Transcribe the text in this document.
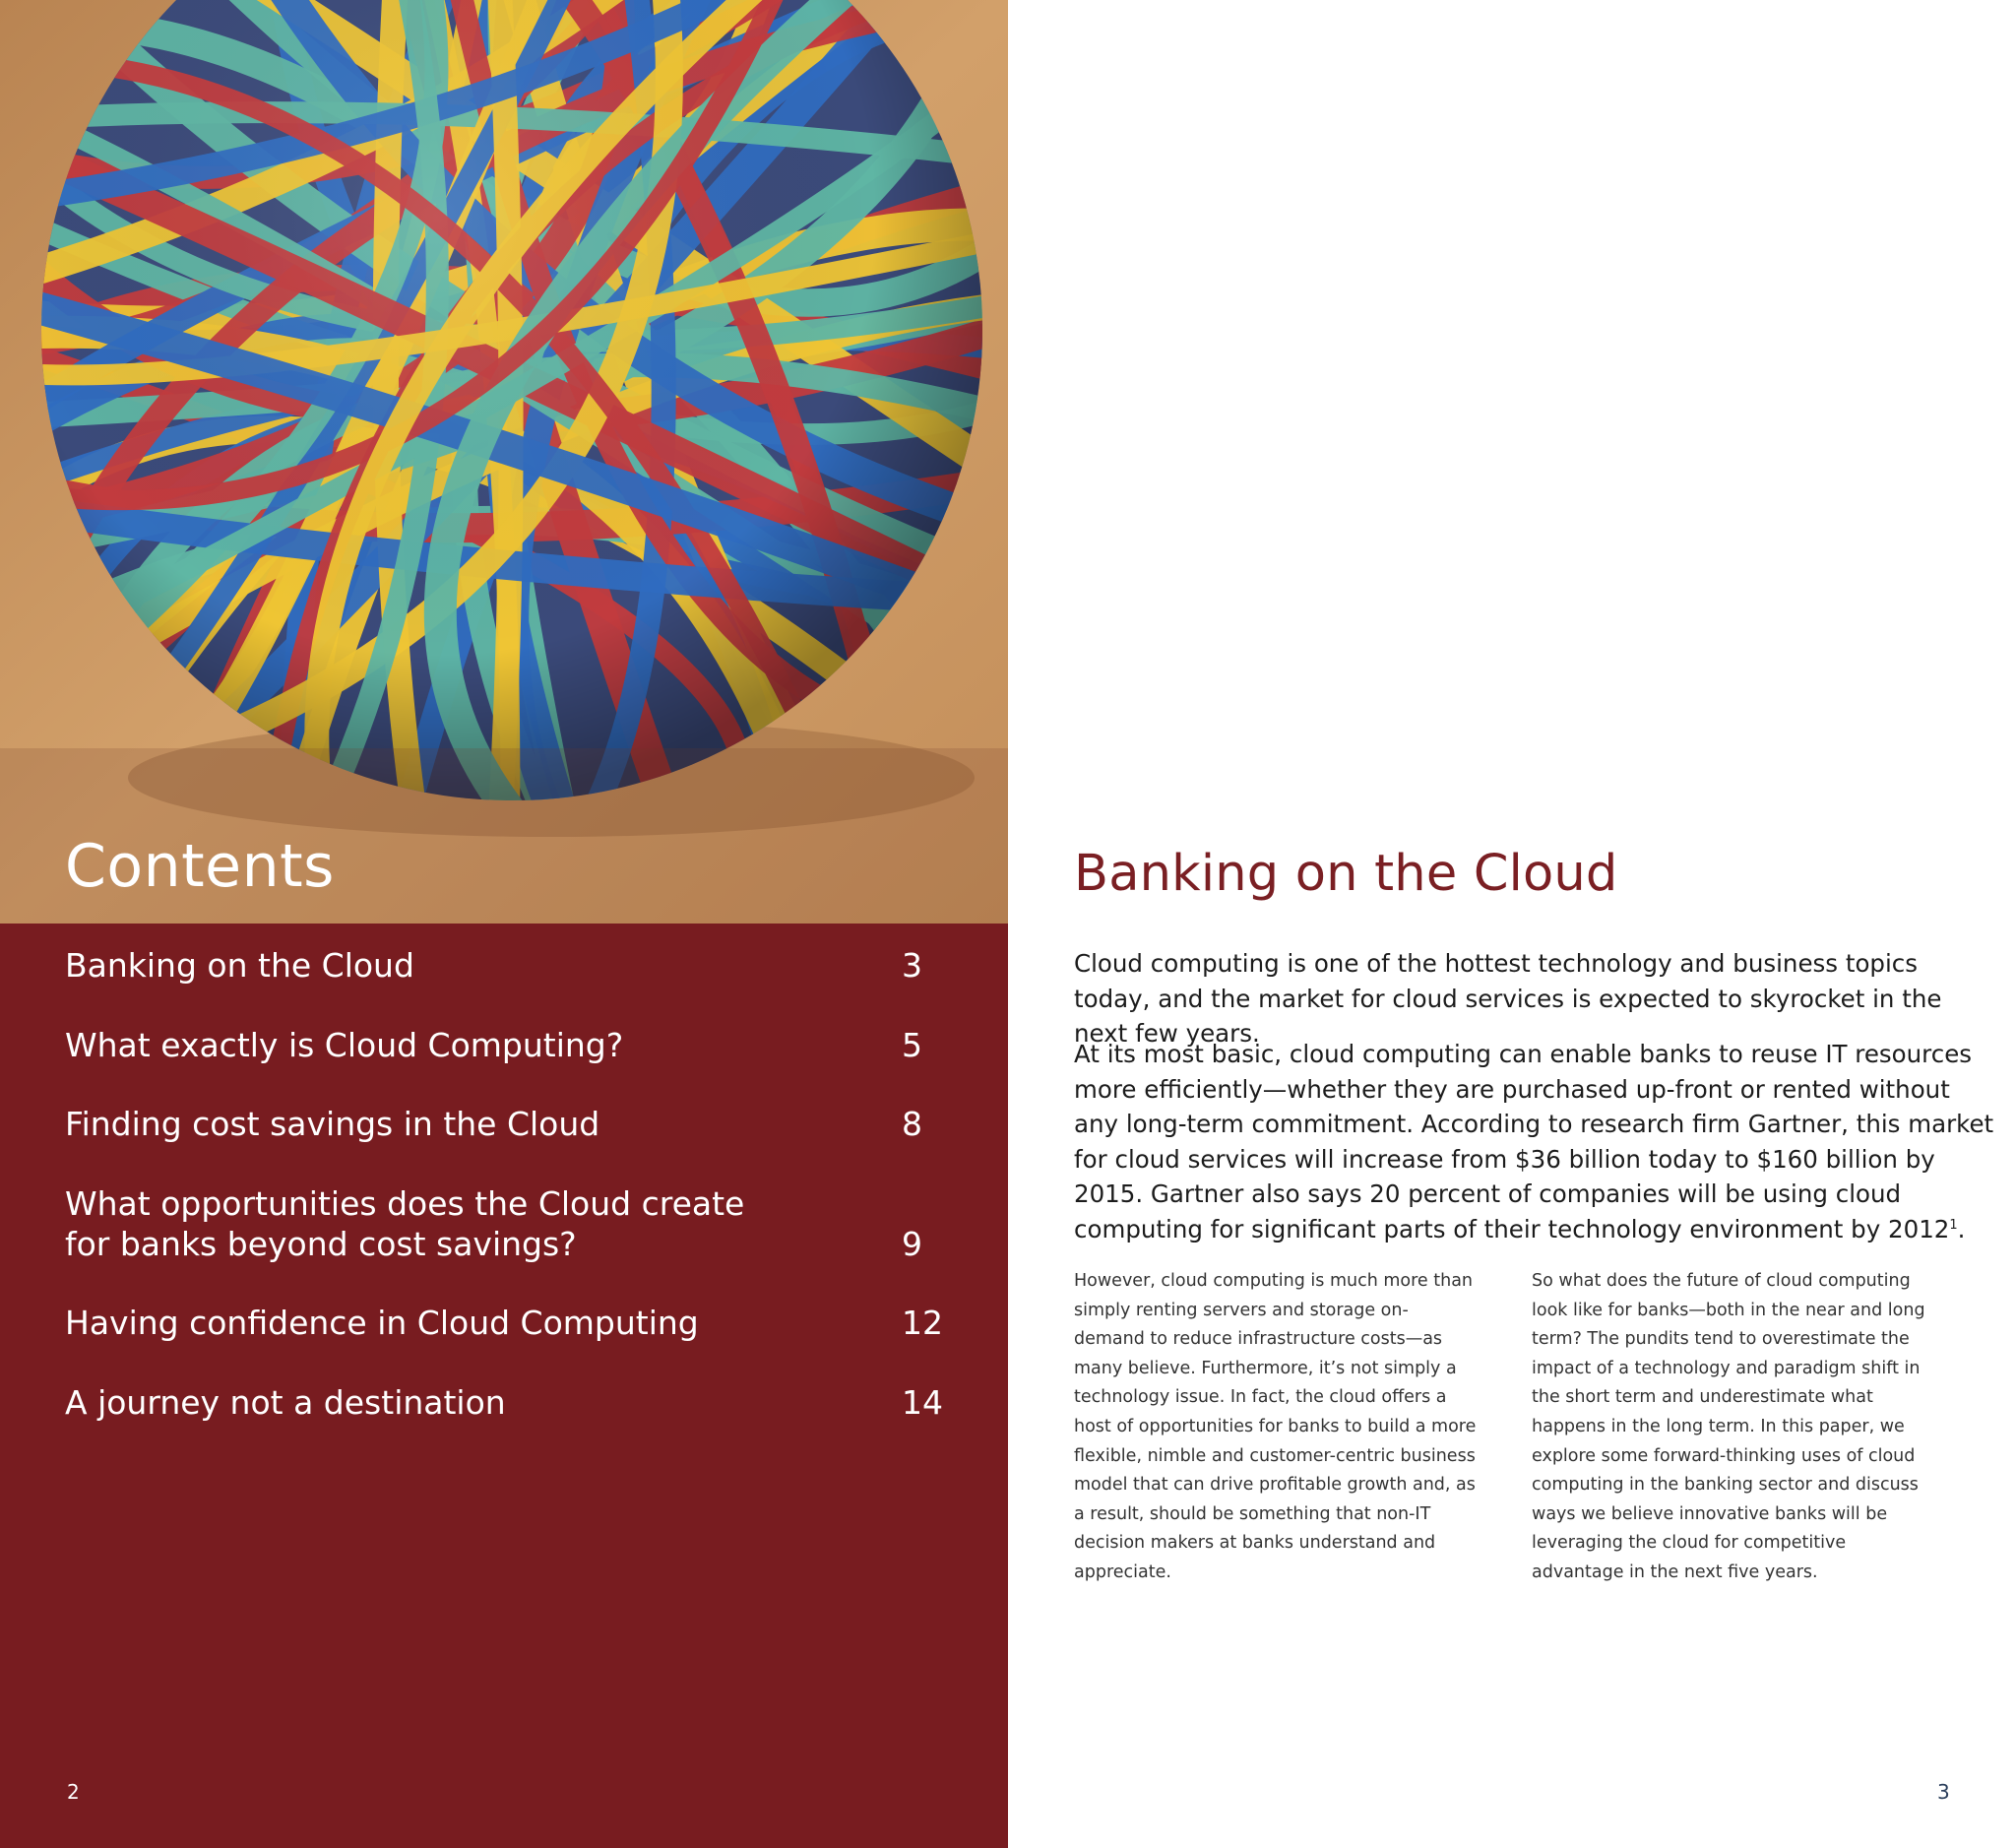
Contents
Banking on the Cloud	3
What exactly is Cloud Computing?	5
Finding cost savings in the Cloud	8
What opportunities does the Cloud create
for banks beyond cost savings?	9
Having confidence in Cloud Computing	12
A journey not a destination	14
2
Banking on the Cloud

Cloud computing is one of the hottest technology and business topics today, and the market for cloud services is expected to skyrocket in the next few years.

At its most basic, cloud computing can enable banks to reuse IT resources more efficiently—whether they are purchased up-front or rented without any long-term commitment. According to research firm Gartner, this market for cloud services will increase from $36 billion today to $160 billion by 2015. Gartner also says 20 percent of companies will be using cloud computing for significant parts of their technology environment by 2012$^1$.

However, cloud computing is much more than simply renting servers and storage on-demand to reduce infrastructure costs—as many believe. Furthermore, it’s not simply a technology issue. In fact, the cloud offers a host of opportunities for banks to build a more flexible, nimble and customer-centric business model that can drive profitable growth and, as a result, should be something that non-IT decision makers at banks understand and appreciate.

So what does the future of cloud computing look like for banks—both in the near and long term? The pundits tend to overestimate the impact of a technology and paradigm shift in the short term and underestimate what happens in the long term. In this paper, we explore some forward-thinking uses of cloud computing in the banking sector and discuss ways we believe innovative banks will be leveraging the cloud for competitive advantage in the next five years.

3
